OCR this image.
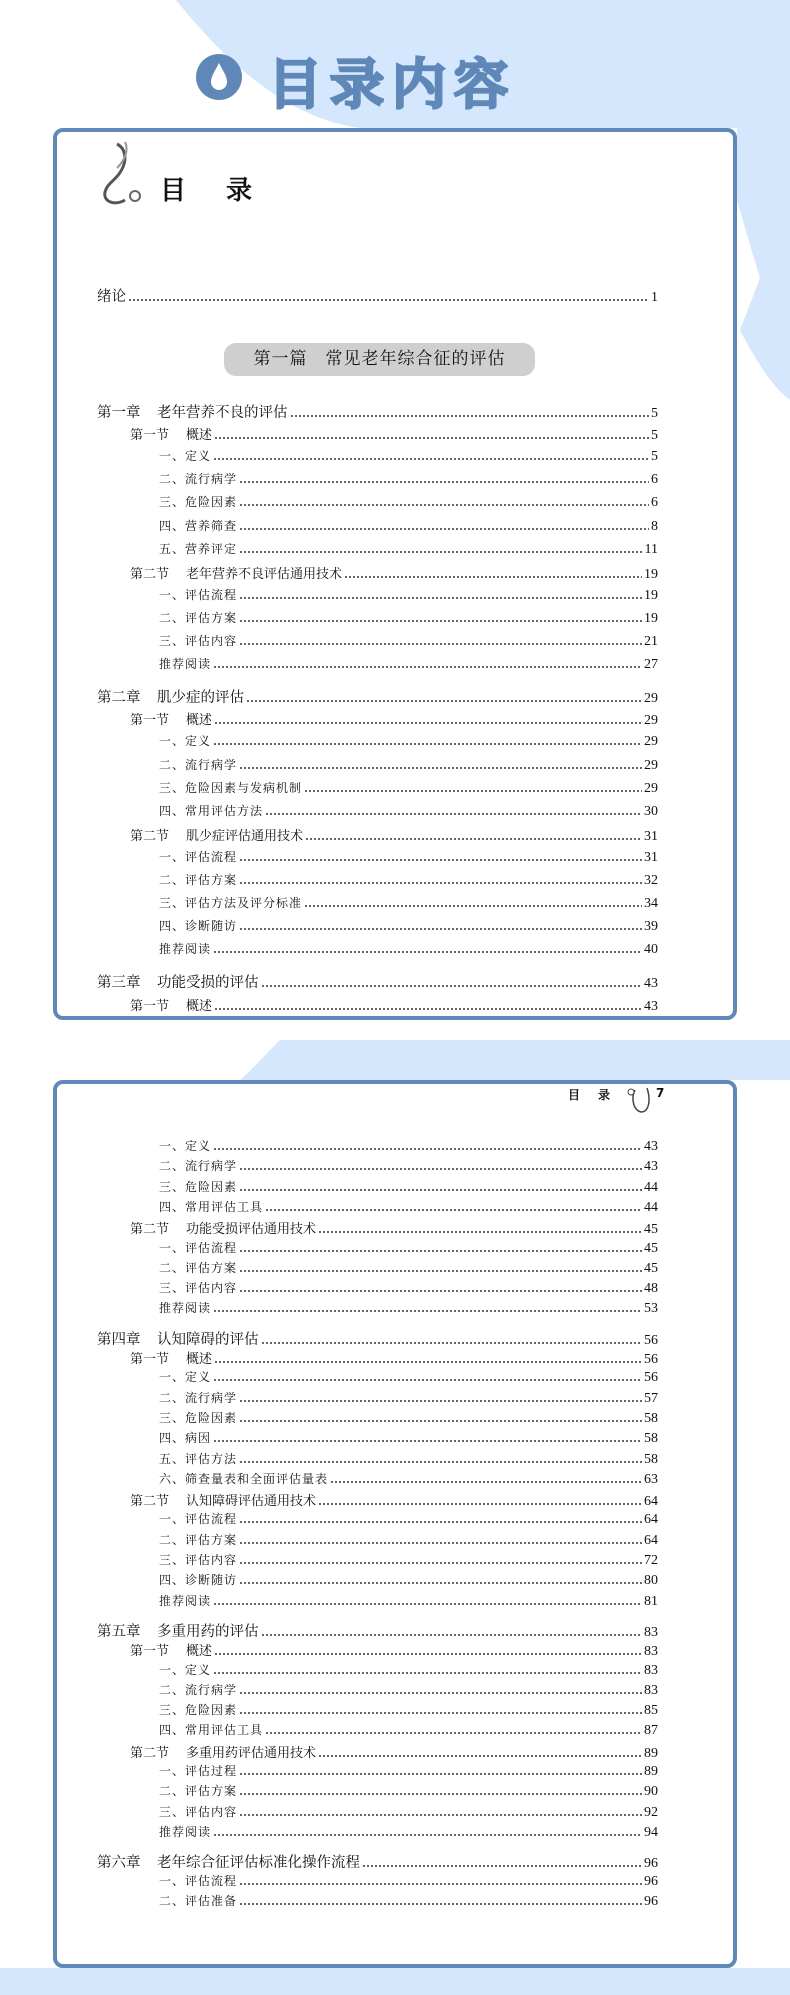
目录内容
目 录
绪论	1
第一篇 常见老年综合征的评估
第一章 老年营养不良的评估	5
第一节 概述	5
一、定义	5
二、流行病学	6
三、危险因素	6
四、营养筛查	8
五、营养评定	11
第二节 老年营养不良评估通用技术	19
一、评估流程	19
二、评估方案	19
三、评估内容	21
推荐阅读	27
第二章 肌少症的评估	29
第一节 概述	29
一、定义	29
二、流行病学	29
三、危险因素与发病机制	29
四、常用评估方法	30
第二节 肌少症评估通用技术	31
一、评估流程	31
二、评估方案	32
三、评估方法及评分标准	34
四、诊断随访	39
推荐阅读	40
第三章 功能受损的评估	43
第一节 概述	43
目 录	7
一、定义	43
二、流行病学	43
三、危险因素	44
四、常用评估工具	44
第二节 功能受损评估通用技术	45
一、评估流程	45
二、评估方案	45
三、评估内容	48
推荐阅读	53
第四章 认知障碍的评估	56
第一节 概述	56
一、定义	56
二、流行病学	57
三、危险因素	58
四、病因	58
五、评估方法	58
六、筛查量表和全面评估量表	63
第二节 认知障碍评估通用技术	64
一、评估流程	64
二、评估方案	64
三、评估内容	72
四、诊断随访	80
推荐阅读	81
第五章 多重用药的评估	83
第一节 概述	83
一、定义	83
二、流行病学	83
三、危险因素	85
四、常用评估工具	87
第二节 多重用药评估通用技术	89
一、评估过程	89
二、评估方案	90
三、评估内容	92
推荐阅读	94
第六章 老年综合征评估标准化操作流程	96
一、评估流程	96
二、评估准备	96
